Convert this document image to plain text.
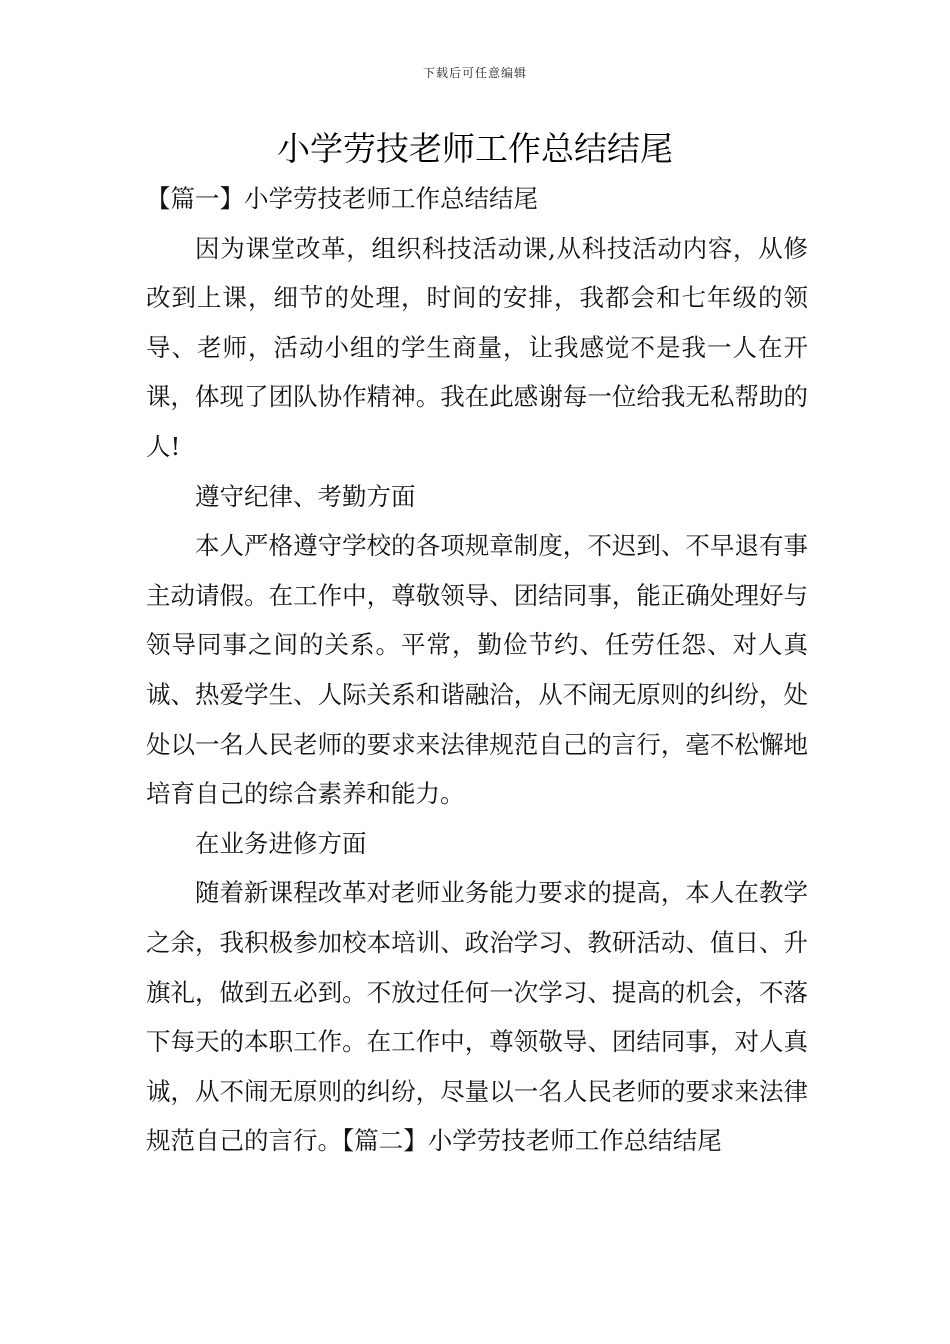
下载后可任意编辑
小学劳技老师工作总结结尾

【篇一】小学劳技老师工作总结结尾

因为课堂改革，组织科技活动课,从科技活动内容，从修改到上课，细节的处理，时间的安排，我都会和七年级的领导、老师，活动小组的学生商量，让我感觉不是我一人在开课，体现了团队协作精神。我在此感谢每一位给我无私帮助的人!

遵守纪律、考勤方面

本人严格遵守学校的各项规章制度，不迟到、不早退有事主动请假。在工作中，尊敬领导、团结同事，能正确处理好与领导同事之间的关系。平常，勤俭节约、任劳任怨、对人真诚、热爱学生、人际关系和谐融洽，从不闹无原则的纠纷，处处以一名人民老师的要求来法律规范自己的言行，毫不松懈地培育自己的综合素养和能力。

在业务进修方面

随着新课程改革对老师业务能力要求的提高，本人在教学之余，我积极参加校本培训、政治学习、教研活动、值日、升旗礼，做到五必到。不放过任何一次学习、提高的机会，不落下每天的本职工作。在工作中，尊领敬导、团结同事，对人真诚，从不闹无原则的纠纷，尽量以一名人民老师的要求来法律规范自己的言行。【篇二】小学劳技老师工作总结结尾
